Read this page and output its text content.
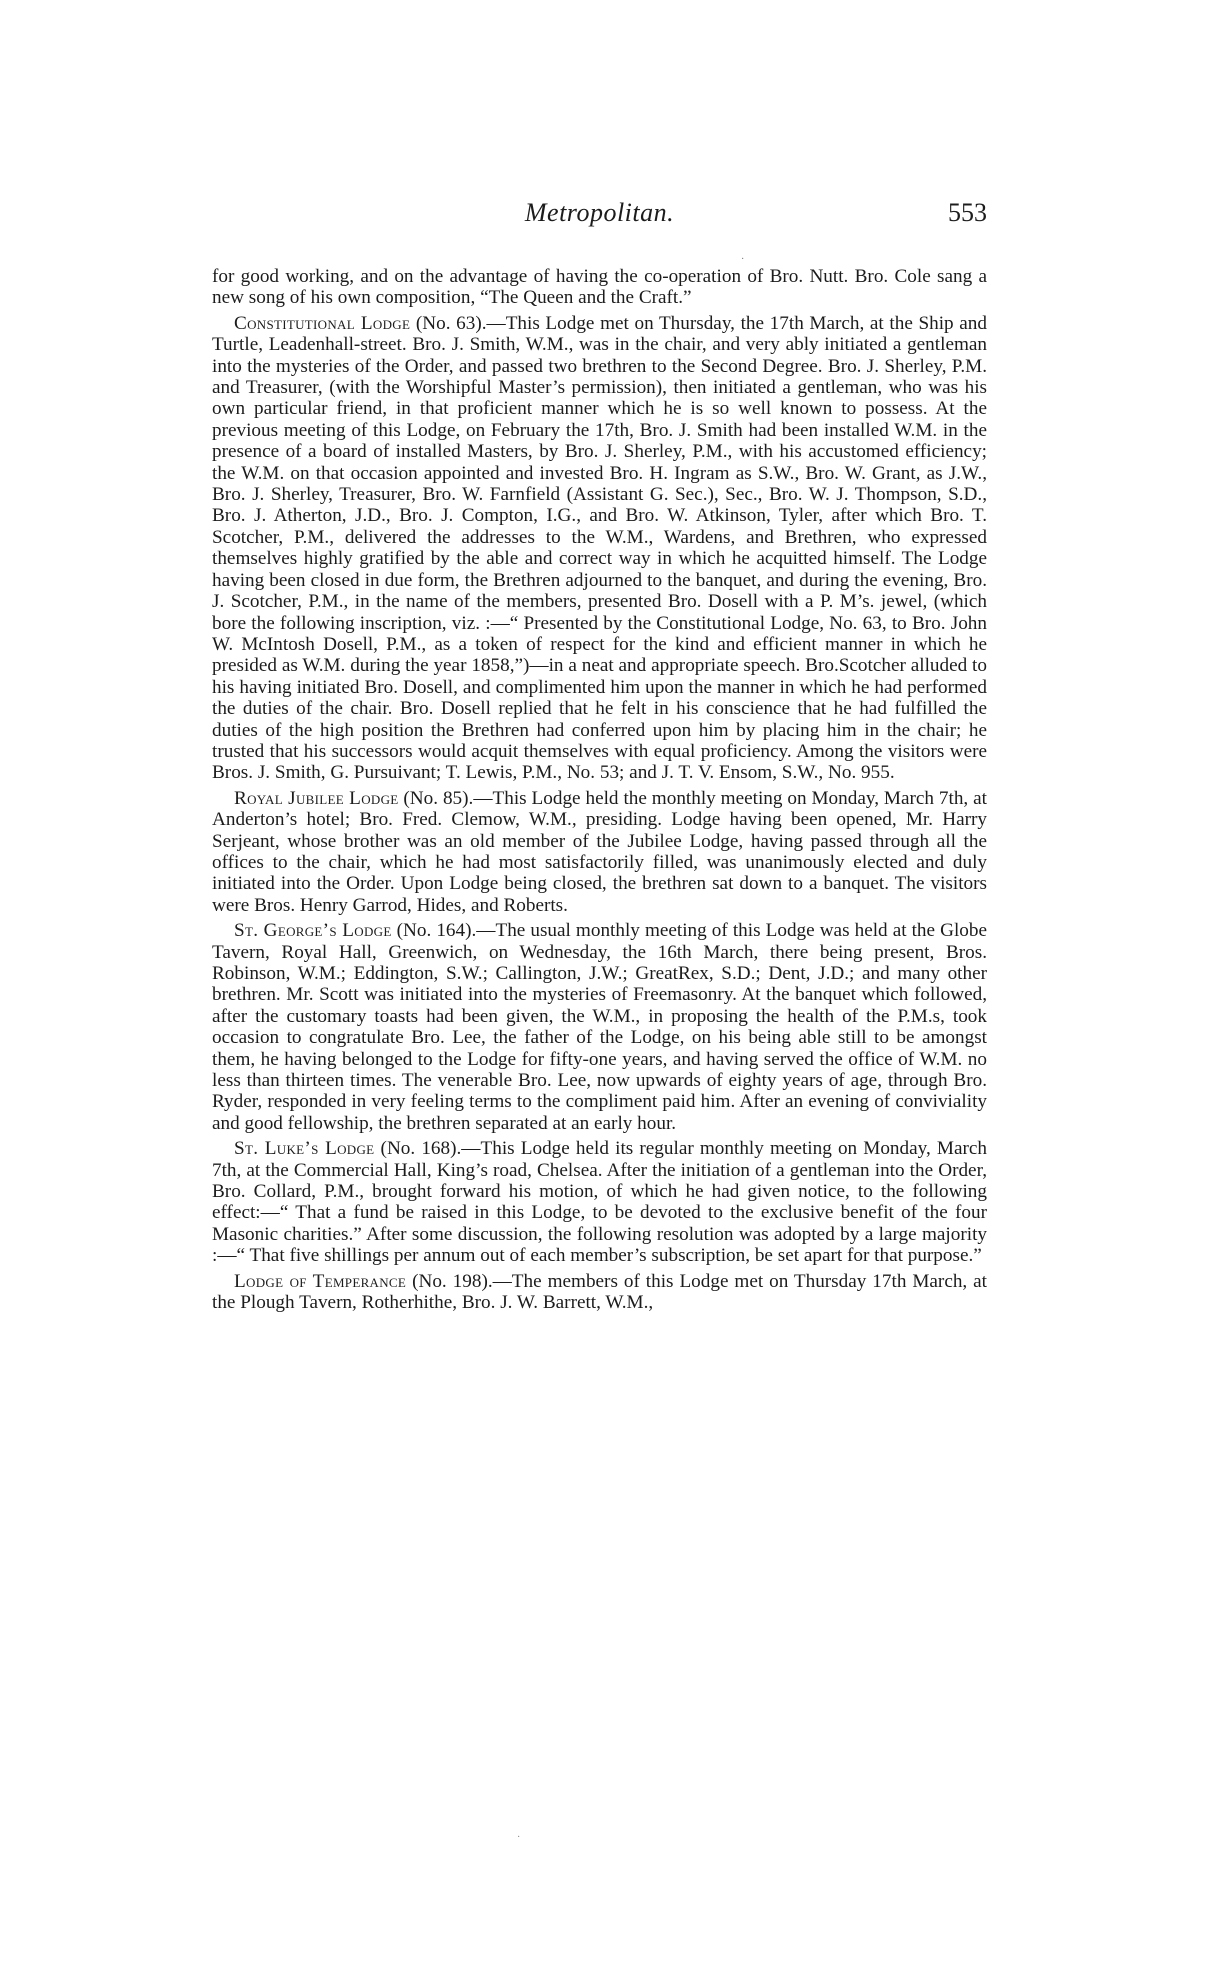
Metropolitan.	553
·

for good working, and on the advantage of having the co-operation of Bro. Nutt. Bro. Cole sang a new song of his own composition, “The Queen and the Craft.”

Constitutional Lodge (No. 63).—This Lodge met on Thursday, the 17th March, at the Ship and Turtle, Leadenhall-street. Bro. J. Smith, W.M., was in the chair, and very ably initiated a gentleman into the mysteries of the Order, and passed two brethren to the Second Degree. Bro. J. Sherley, P.M. and Treasurer, (with the Worshipful Master’s permission), then initiated a gentleman, who was his own particular friend, in that proficient manner which he is so well known to possess. At the previous meeting of this Lodge, on February the 17th, Bro. J. Smith had been installed W.M. in the presence of a board of installed Masters, by Bro. J. Sherley, P.M., with his accustomed efficiency; the W.M. on that occasion appointed and invested Bro. H. Ingram as S.W., Bro. W. Grant, as J.W., Bro. J. Sherley, Treasurer, Bro. W. Farnfield (Assistant G. Sec.), Sec., Bro. W. J. Thompson, S.D., Bro. J. Atherton, J.D., Bro. J. Compton, I.G., and Bro. W. Atkinson, Tyler, after which Bro. T. Scotcher, P.M., delivered the addresses to the W.M., Wardens, and Brethren, who expressed themselves highly gratified by the able and correct way in which he acquitted himself. The Lodge having been closed in due form, the Brethren adjourned to the banquet, and during the evening, Bro. J. Scotcher, P.M., in the name of the members, presented Bro. Dosell with a P. M’s. jewel, (which bore the following inscription, viz. :—“ Presented by the Constitutional Lodge, No. 63, to Bro. John W. McIntosh Dosell, P.M., as a token of respect for the kind and efficient manner in which he presided as W.M. during the year 1858,”)—in a neat and appropriate speech. Bro.Scotcher alluded to his having initiated Bro. Dosell, and complimented him upon the manner in which he had performed the duties of the chair. Bro. Dosell replied that he felt in his conscience that he had fulfilled the duties of the high position the Brethren had conferred upon him by placing him in the chair; he trusted that his successors would acquit themselves with equal proficiency. Among the visitors were Bros. J. Smith, G. Pursuivant; T. Lewis, P.M., No. 53; and J. T. V. Ensom, S.W., No. 955.

Royal Jubilee Lodge (No. 85).—This Lodge held the monthly meeting on Monday, March 7th, at Anderton’s hotel; Bro. Fred. Clemow, W.M., presiding. Lodge having been opened, Mr. Harry Serjeant, whose brother was an old member of the Jubilee Lodge, having passed through all the offices to the chair, which he had most satisfactorily filled, was unanimously elected and duly initiated into the Order. Upon Lodge being closed, the brethren sat down to a banquet. The visitors were Bros. Henry Garrod, Hides, and Roberts.

St. George’s Lodge (No. 164).—The usual monthly meeting of this Lodge was held at the Globe Tavern, Royal Hall, Greenwich, on Wednesday, the 16th March, there being present, Bros. Robinson, W.M.; Eddington, S.W.; Callington, J.W.; GreatRex, S.D.; Dent, J.D.; and many other brethren. Mr. Scott was initiated into the mysteries of Freemasonry. At the banquet which followed, after the customary toasts had been given, the W.M., in proposing the health of the P.M.s, took occasion to congratulate Bro. Lee, the father of the Lodge, on his being able still to be amongst them, he having belonged to the Lodge for fifty-one years, and having served the office of W.M. no less than thirteen times. The venerable Bro. Lee, now upwards of eighty years of age, through Bro. Ryder, responded in very feeling terms to the compliment paid him. After an evening of conviviality and good fellowship, the brethren separated at an early hour.

St. Luke’s Lodge (No. 168).—This Lodge held its regular monthly meeting on Monday, March 7th, at the Commercial Hall, King’s road, Chelsea. After the initiation of a gentleman into the Order, Bro. Collard, P.M., brought forward his motion, of which he had given notice, to the following effect:—“ That a fund be raised in this Lodge, to be devoted to the exclusive benefit of the four Masonic charities.” After some discussion, the following resolution was adopted by a large majority :—“ That five shillings per annum out of each member’s subscription, be set apart for that purpose.”

Lodge of Temperance (No. 198).—The members of this Lodge met on Thursday 17th March, at the Plough Tavern, Rotherhithe, Bro. J. W. Barrett, W.M.,

·
